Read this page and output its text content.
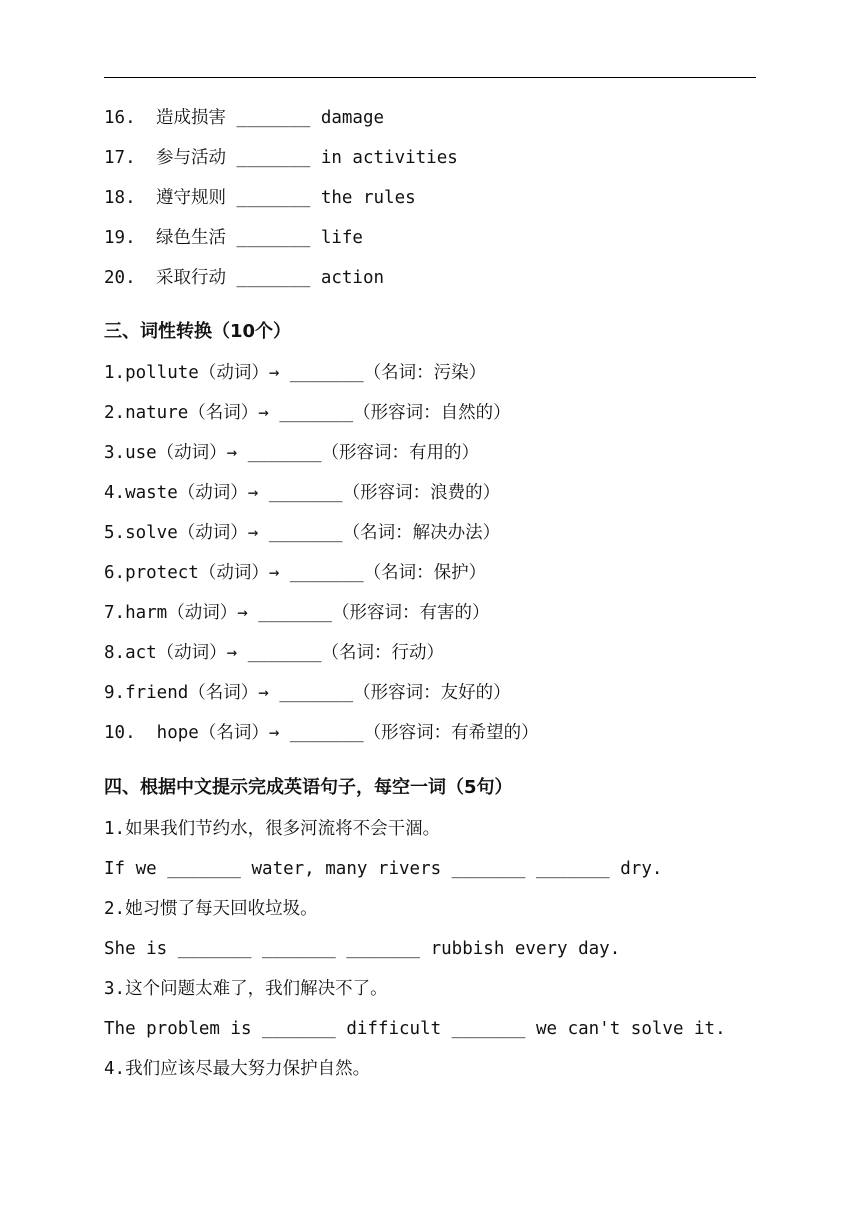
16. 造成损害 _______ damage
17. 参与活动 _______ in activities
18. 遵守规则 _______ the rules
19. 绿色生活 _______ life
20. 采取行动 _______ action
三、词性转换（10个）
1.pollute（动词）→ _______（名词：污染）
2.nature（名词）→ _______（形容词：自然的）
3.use（动词）→ _______（形容词：有用的）
4.waste（动词）→ _______（形容词：浪费的）
5.solve（动词）→ _______（名词：解决办法）
6.protect（动词）→ _______（名词：保护）
7.harm（动词）→ _______（形容词：有害的）
8.act（动词）→ _______（名词：行动）
9.friend（名词）→ _______（形容词：友好的）
10.  hope（名词）→ _______（形容词：有希望的）
四、根据中文提示完成英语句子，每空一词（5句）
1.如果我们节约水，很多河流将不会干涸。
If we _______ water, many rivers _______ _______ dry.
2.她习惯了每天回收垃圾。
She is _______ _______ _______ rubbish every day.
3.这个问题太难了，我们解决不了。
The problem is _______ difficult _______ we can't solve it.
4.我们应该尽最大努力保护自然。
